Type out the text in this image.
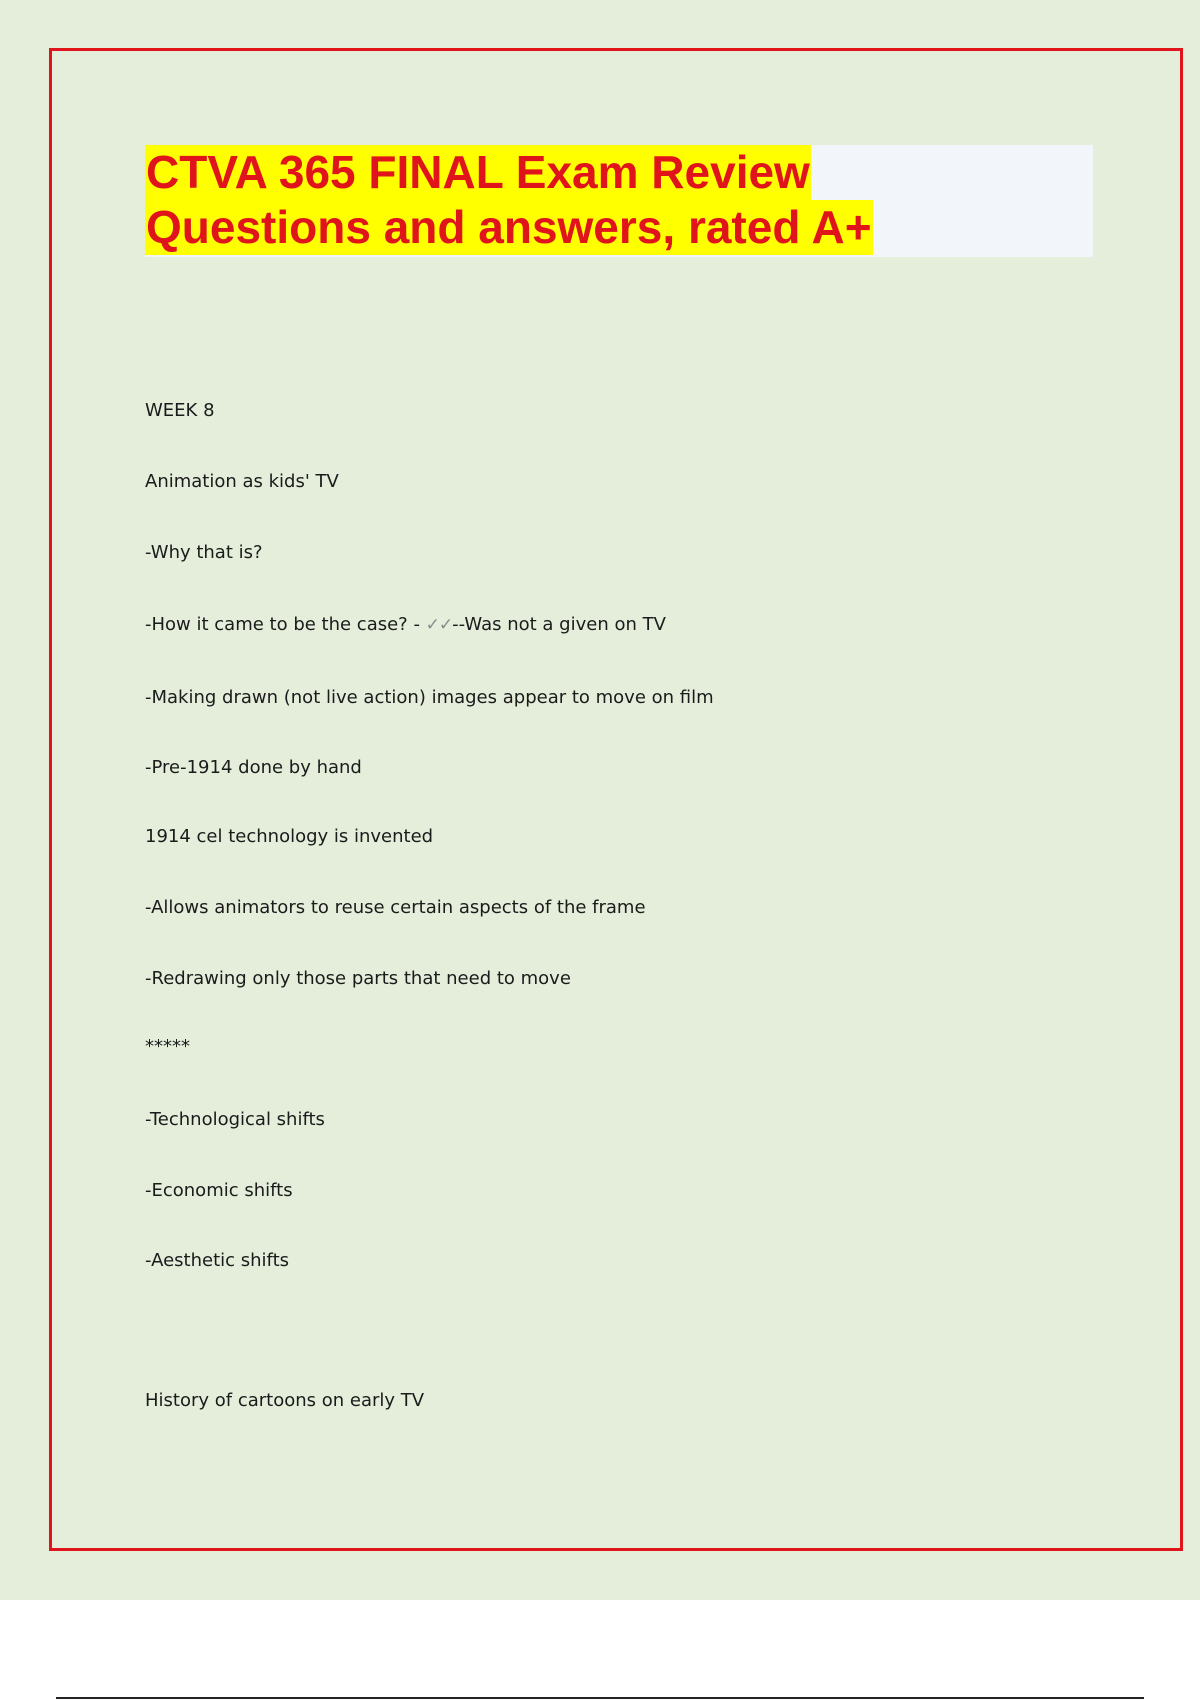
CTVA 365 FINAL Exam Review
Questions and answers, rated A+
WEEK 8
Animation as kids' TV
-Why that is?
-How it came to be the case? - ✓✓--Was not a given on TV
-Making drawn (not live action) images appear to move on film
-Pre-1914 done by hand
1914 cel technology is invented
-Allows animators to reuse certain aspects of the frame
-Redrawing only those parts that need to move
*****
-Technological shifts
-Economic shifts
-Aesthetic shifts
History of cartoons on early TV
